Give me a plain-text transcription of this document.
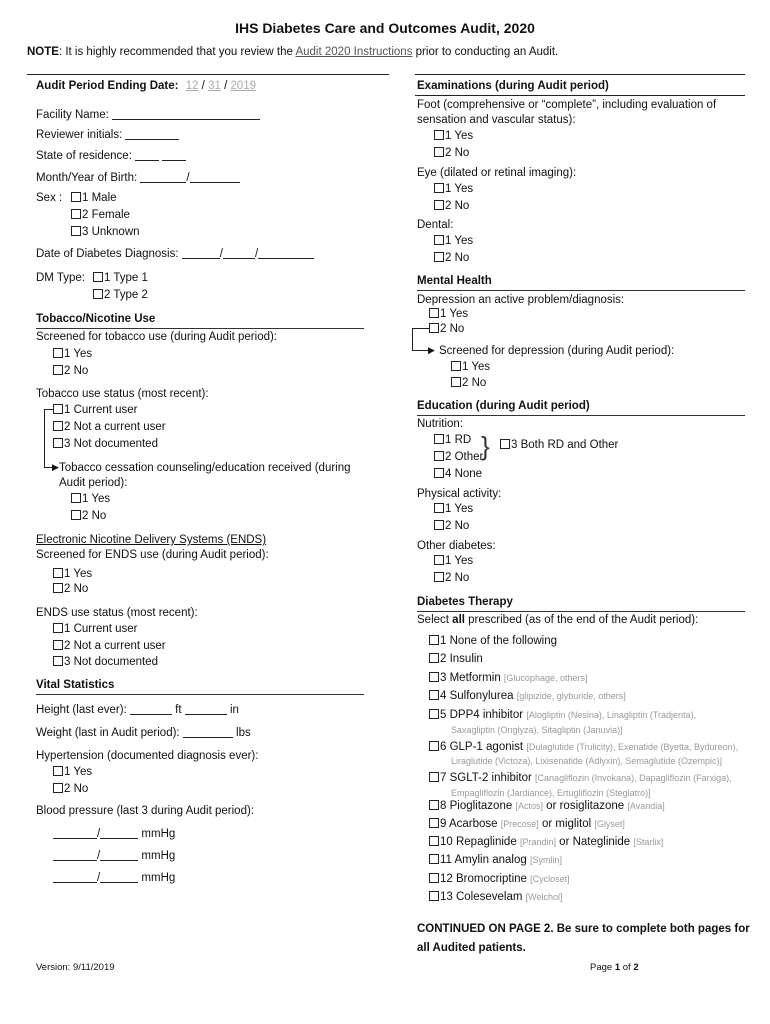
IHS Diabetes Care and Outcomes Audit, 2020
NOTE: It is highly recommended that you review the Audit 2020 Instructions prior to conducting an Audit.
Audit Period Ending Date: 12 / 31 / 2019
Facility Name:
Reviewer initials:
State of residence:
Month/Year of Birth:	/
Sex :	1 Male
2 Female
3 Unknown
Date of Diabetes Diagnosis:	/	/
DM Type:	1 Type 1
2 Type 2
Tobacco/Nicotine Use
Screened for tobacco use (during Audit period):
1 Yes
2 No
Tobacco use status (most recent):
▶
1 Current user
2 Not a current user
3 Not documented
Tobacco cessation counseling/education received (during
Audit period):
1 Yes
2 No
Electronic Nicotine Delivery Systems (ENDS)
Screened for ENDS use (during Audit period):
1 Yes
2 No
ENDS use status (most recent):
1 Current user
2 Not a current user
3 Not documented
Vital Statistics
Height (last ever):	ft	in
Weight (last in Audit period):	lbs
Hypertension (documented diagnosis ever):
1 Yes
2 No
Blood pressure (last 3 during Audit period):
/	mmHg
/	mmHg
/	mmHg
Examinations (during Audit period)
Foot (comprehensive or “complete”, including evaluation of
sensation and vascular status):
1 Yes
2 No
Eye (dilated or retinal imaging):
1 Yes
2 No
Dental:
1 Yes
2 No
Mental Health
Depression an active problem/diagnosis:
1 Yes
▶
2 No
Screened for depression (during Audit period):
1 Yes
2 No
Education (during Audit period)
Nutrition:
1 RD
2 Other
}	3 Both RD and Other
4 None
Physical activity:
1 Yes
2 No
Other diabetes:
1 Yes
2 No
Diabetes Therapy
Select all prescribed (as of the end of the Audit period):
1 None of the following
2 Insulin
3 Metformin [Glucophage, others]
4 Sulfonylurea [glipizide, glyburide, others]
5 DPP4 inhibitor [Alogliptin (Nesina), Linagliptin (Tradjenta),
Saxagliptin (Onglyza), Sitagliptin (Januvia)]
6 GLP-1 agonist [Dulaglutide (Trulicity), Exenatide (Byetta, Bydureon),
Liraglutide (Victoza), Lixisenatide (Adlyxin), Semaglutide (Ozempic)]
7 SGLT-2 inhibitor [Canagliflozin (Invokana), Dapagliflozin (Farxiga),
Empagliflozin (Jardiance), Ertugliflozin (Steglatro)]
8 Pioglitazone [Actos] or rosiglitazone [Avandia]
9 Acarbose [Precose] or miglitol [Glyset]
10 Repaglinide [Prandin] or Nateglinide [Starlix]
11 Amylin analog [Symlin]
12 Bromocriptine [Cycloset]
13 Colesevelam [Welchol]
CONTINUED ON PAGE 2. Be sure to complete both pages for
all Audited patients.
Version: 9/11/2019	Page 1 of 2
